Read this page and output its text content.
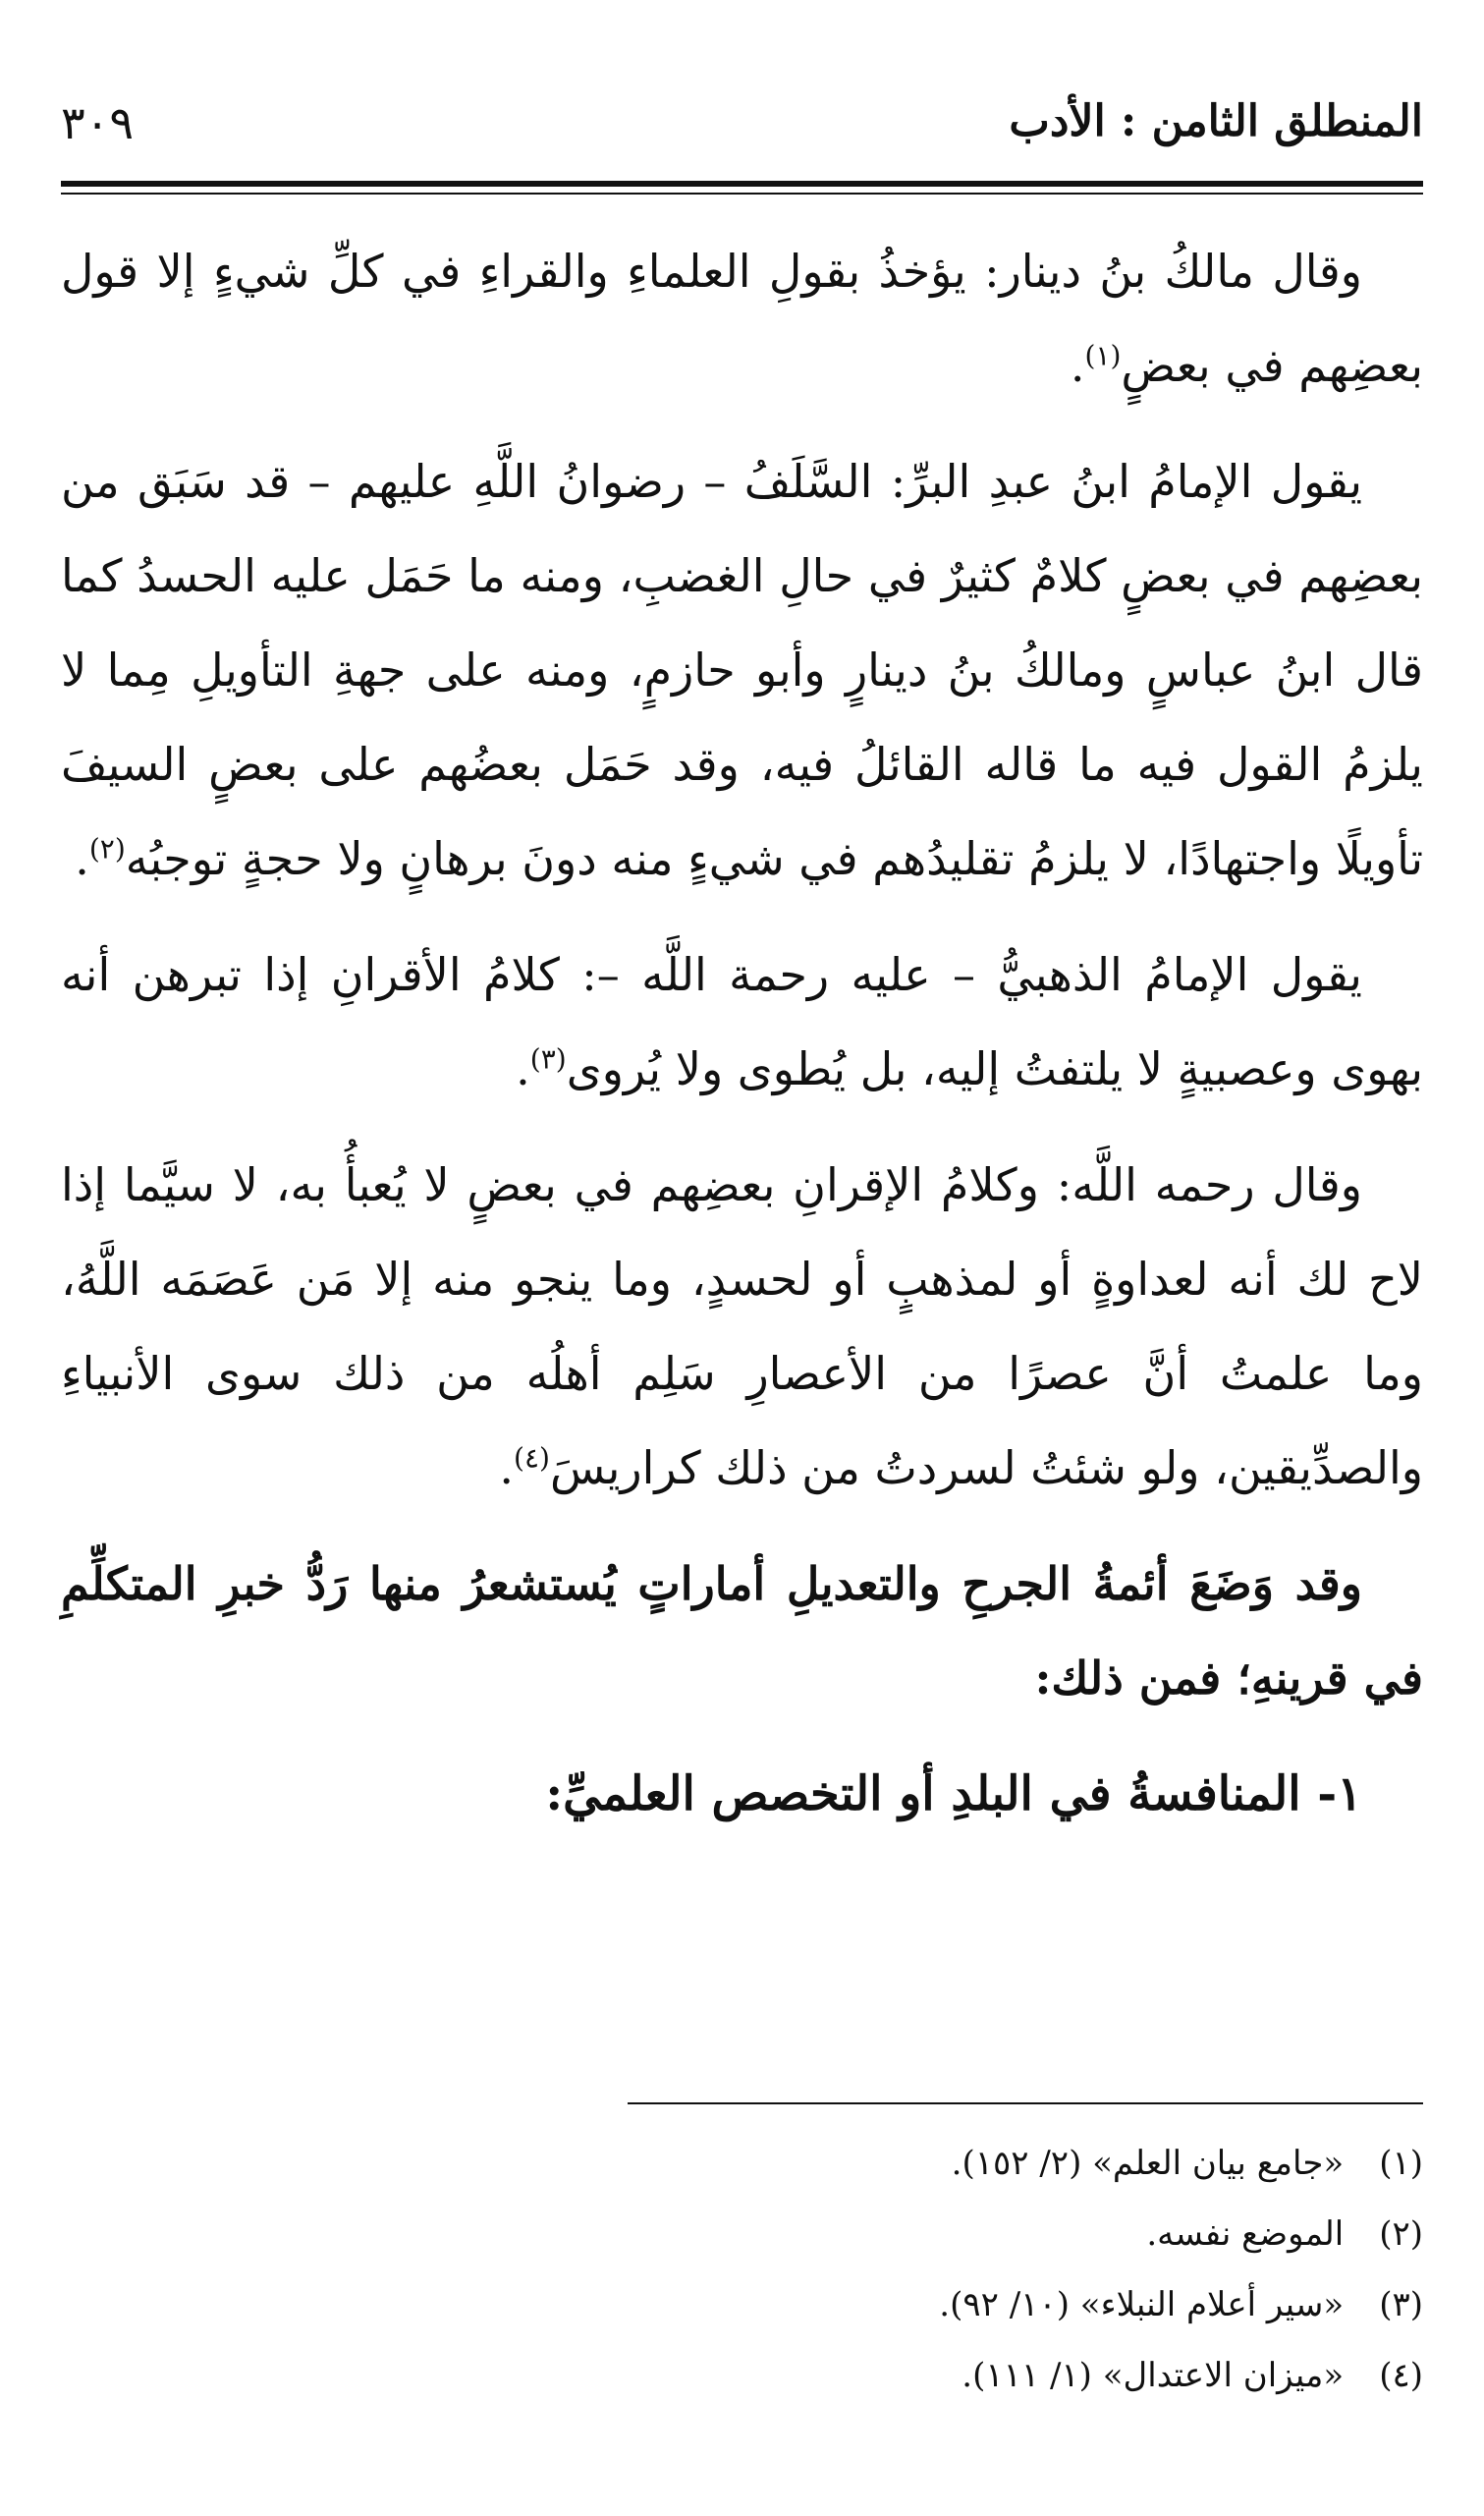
المنطلق الثامن : الأدب
٣٠٩

وقال مالكُ بنُ دينار: يؤخذُ بقولِ العلماءِ والقراءِ في كلِّ شيءٍ إلا قول بعضِهم في بعضٍ$^{(١)}$.

يقول الإمامُ ابنُ عبدِ البرِّ: السَّلَفُ – رضوانُ اللَّهِ عليهم – قد سَبَق من بعضِهم في بعضٍ كلامٌ كثيرٌ في حالِ الغضبِ، ومنه ما حَمَل عليه الحسدُ كما قال ابنُ عباسٍ ومالكُ بنُ دينارٍ وأبو حازمٍ، ومنه على جهةِ التأويلِ مِما لا يلزمُ القول فيه ما قاله القائلُ فيه، وقد حَمَل بعضُهم على بعضٍ السيفَ تأويلًا واجتهادًا، لا يلزمُ تقليدُهم في شيءٍ منه دونَ برهانٍ ولا حجةٍ توجبُه$^{(٢)}$.

يقول الإمامُ الذهبيُّ – عليه رحمة اللَّه –: كلامُ الأقرانِ إذا تبرهن أنه بهوى وعصبيةٍ لا يلتفتُ إليه، بل يُطوى ولا يُروى$^{(٣)}$.

وقال رحمه اللَّه: وكلامُ الإقرانِ بعضِهم في بعضٍ لا يُعبأُ به، لا سيَّما إذا لاح لك أنه لعداوةٍ أو لمذهبٍ أو لحسدٍ، وما ينجو منه إلا مَن عَصَمَه اللَّهُ، وما علمتُ أنَّ عصرًا من الأعصارِ سَلِم أهلُه من ذلك سوى الأنبياءِ والصدِّيقين، ولو شئتُ لسردتُ من ذلك كراريسَ$^{(٤)}$.

وقد وَضَعَ أئمةُ الجرحِ والتعديلِ أماراتٍ يُستشعرُ منها رَدُّ خبرِ المتكلِّمِ في قرينهِ؛ فمن ذلك:

١- المنافسةُ في البلدِ أو التخصص العلميِّ:

(١) «جامع بيان العلم» (٢/ ١٥٢).
(٢) الموضع نفسه.
(٣) «سير أعلام النبلاء» (١٠/ ٩٢).
(٤) «ميزان الاعتدال» (١/ ١١١).
